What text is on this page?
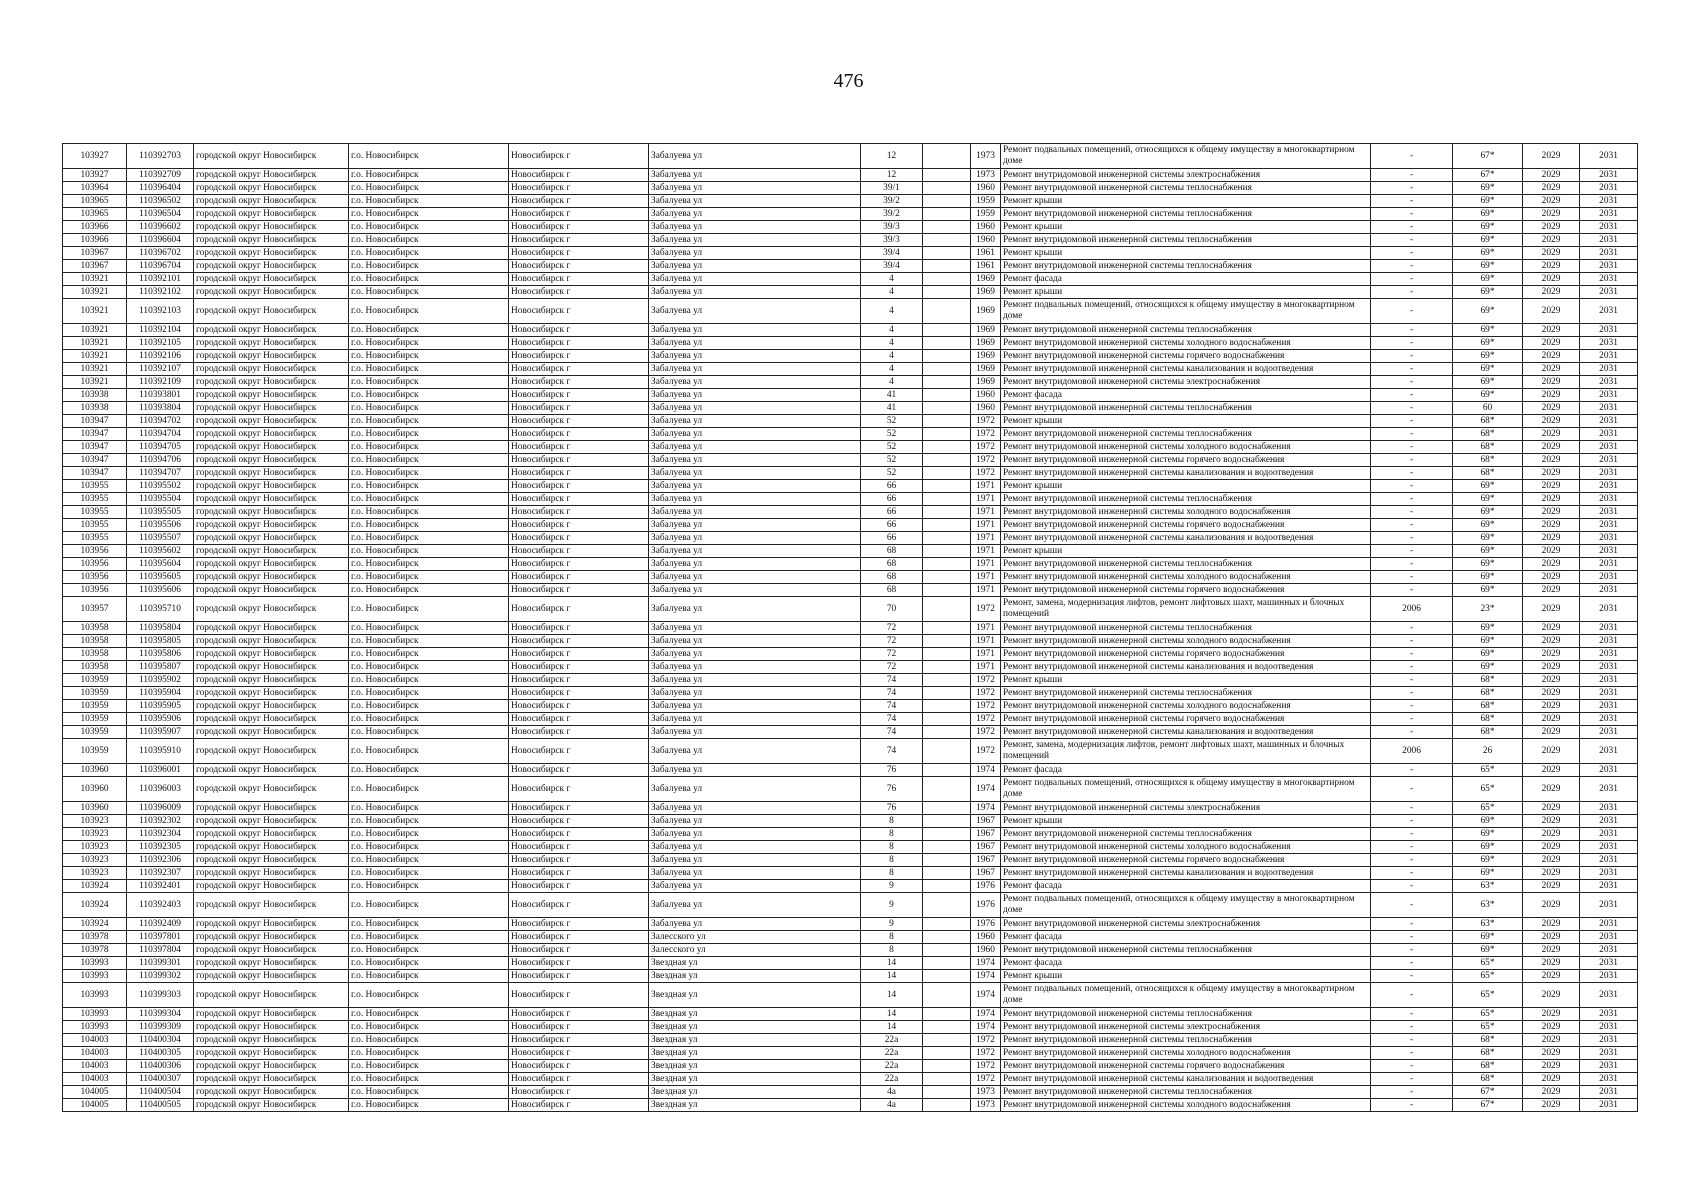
476
103927	110392703	городской округ Новосибирск	г.о. Новосибирск	Новосибирск г	Забалуева ул	12		1973	Ремонт подвальных помещений, относящихся к общему имуществу в многоквартирном доме	-	67*	2029	2031
103927	110392709	городской округ Новосибирск	г.о. Новосибирск	Новосибирск г	Забалуева ул	12		1973	Ремонт внутридомовой инженерной системы электроснабжения	-	67*	2029	2031
103964	110396404	городской округ Новосибирск	г.о. Новосибирск	Новосибирск г	Забалуева ул	39/1		1960	Ремонт внутридомовой инженерной системы теплоснабжения	-	69*	2029	2031
103965	110396502	городской округ Новосибирск	г.о. Новосибирск	Новосибирск г	Забалуева ул	39/2		1959	Ремонт крыши	-	69*	2029	2031
103965	110396504	городской округ Новосибирск	г.о. Новосибирск	Новосибирск г	Забалуева ул	39/2		1959	Ремонт внутридомовой инженерной системы теплоснабжения	-	69*	2029	2031
103966	110396602	городской округ Новосибирск	г.о. Новосибирск	Новосибирск г	Забалуева ул	39/3		1960	Ремонт крыши	-	69*	2029	2031
103966	110396604	городской округ Новосибирск	г.о. Новосибирск	Новосибирск г	Забалуева ул	39/3		1960	Ремонт внутридомовой инженерной системы теплоснабжения	-	69*	2029	2031
103967	110396702	городской округ Новосибирск	г.о. Новосибирск	Новосибирск г	Забалуева ул	39/4		1961	Ремонт крыши	-	69*	2029	2031
103967	110396704	городской округ Новосибирск	г.о. Новосибирск	Новосибирск г	Забалуева ул	39/4		1961	Ремонт внутридомовой инженерной системы теплоснабжения	-	69*	2029	2031
103921	110392101	городской округ Новосибирск	г.о. Новосибирск	Новосибирск г	Забалуева ул	4		1969	Ремонт фасада	-	69*	2029	2031
103921	110392102	городской округ Новосибирск	г.о. Новосибирск	Новосибирск г	Забалуева ул	4		1969	Ремонт крыши	-	69*	2029	2031
103921	110392103	городской округ Новосибирск	г.о. Новосибирск	Новосибирск г	Забалуева ул	4		1969	Ремонт подвальных помещений, относящихся к общему имуществу в многоквартирном доме	-	69*	2029	2031
103921	110392104	городской округ Новосибирск	г.о. Новосибирск	Новосибирск г	Забалуева ул	4		1969	Ремонт внутридомовой инженерной системы теплоснабжения	-	69*	2029	2031
103921	110392105	городской округ Новосибирск	г.о. Новосибирск	Новосибирск г	Забалуева ул	4		1969	Ремонт внутридомовой инженерной системы холодного водоснабжения	-	69*	2029	2031
103921	110392106	городской округ Новосибирск	г.о. Новосибирск	Новосибирск г	Забалуева ул	4		1969	Ремонт внутридомовой инженерной системы горячего водоснабжения	-	69*	2029	2031
103921	110392107	городской округ Новосибирск	г.о. Новосибирск	Новосибирск г	Забалуева ул	4		1969	Ремонт внутридомовой инженерной системы канализования и водоотведения	-	69*	2029	2031
103921	110392109	городской округ Новосибирск	г.о. Новосибирск	Новосибирск г	Забалуева ул	4		1969	Ремонт внутридомовой инженерной системы электроснабжения	-	69*	2029	2031
103938	110393801	городской округ Новосибирск	г.о. Новосибирск	Новосибирск г	Забалуева ул	41		1960	Ремонт фасада	-	69*	2029	2031
103938	110393804	городской округ Новосибирск	г.о. Новосибирск	Новосибирск г	Забалуева ул	41		1960	Ремонт внутридомовой инженерной системы теплоснабжения	-	60	2029	2031
103947	110394702	городской округ Новосибирск	г.о. Новосибирск	Новосибирск г	Забалуева ул	52		1972	Ремонт крыши	-	68*	2029	2031
103947	110394704	городской округ Новосибирск	г.о. Новосибирск	Новосибирск г	Забалуева ул	52		1972	Ремонт внутридомовой инженерной системы теплоснабжения	-	68*	2029	2031
103947	110394705	городской округ Новосибирск	г.о. Новосибирск	Новосибирск г	Забалуева ул	52		1972	Ремонт внутридомовой инженерной системы холодного водоснабжения	-	68*	2029	2031
103947	110394706	городской округ Новосибирск	г.о. Новосибирск	Новосибирск г	Забалуева ул	52		1972	Ремонт внутридомовой инженерной системы горячего водоснабжения	-	68*	2029	2031
103947	110394707	городской округ Новосибирск	г.о. Новосибирск	Новосибирск г	Забалуева ул	52		1972	Ремонт внутридомовой инженерной системы канализования и водоотведения	-	68*	2029	2031
103955	110395502	городской округ Новосибирск	г.о. Новосибирск	Новосибирск г	Забалуева ул	66		1971	Ремонт крыши	-	69*	2029	2031
103955	110395504	городской округ Новосибирск	г.о. Новосибирск	Новосибирск г	Забалуева ул	66		1971	Ремонт внутридомовой инженерной системы теплоснабжения	-	69*	2029	2031
103955	110395505	городской округ Новосибирск	г.о. Новосибирск	Новосибирск г	Забалуева ул	66		1971	Ремонт внутридомовой инженерной системы холодного водоснабжения	-	69*	2029	2031
103955	110395506	городской округ Новосибирск	г.о. Новосибирск	Новосибирск г	Забалуева ул	66		1971	Ремонт внутридомовой инженерной системы горячего водоснабжения	-	69*	2029	2031
103955	110395507	городской округ Новосибирск	г.о. Новосибирск	Новосибирск г	Забалуева ул	66		1971	Ремонт внутридомовой инженерной системы канализования и водоотведения	-	69*	2029	2031
103956	110395602	городской округ Новосибирск	г.о. Новосибирск	Новосибирск г	Забалуева ул	68		1971	Ремонт крыши	-	69*	2029	2031
103956	110395604	городской округ Новосибирск	г.о. Новосибирск	Новосибирск г	Забалуева ул	68		1971	Ремонт внутридомовой инженерной системы теплоснабжения	-	69*	2029	2031
103956	110395605	городской округ Новосибирск	г.о. Новосибирск	Новосибирск г	Забалуева ул	68		1971	Ремонт внутридомовой инженерной системы холодного водоснабжения	-	69*	2029	2031
103956	110395606	городской округ Новосибирск	г.о. Новосибирск	Новосибирск г	Забалуева ул	68		1971	Ремонт внутридомовой инженерной системы горячего водоснабжения	-	69*	2029	2031
103957	110395710	городской округ Новосибирск	г.о. Новосибирск	Новосибирск г	Забалуева ул	70		1972	Ремонт, замена, модернизация лифтов, ремонт лифтовых шахт, машинных и блочных помещений	2006	23*	2029	2031
103958	110395804	городской округ Новосибирск	г.о. Новосибирск	Новосибирск г	Забалуева ул	72		1971	Ремонт внутридомовой инженерной системы теплоснабжения	-	69*	2029	2031
103958	110395805	городской округ Новосибирск	г.о. Новосибирск	Новосибирск г	Забалуева ул	72		1971	Ремонт внутридомовой инженерной системы холодного водоснабжения	-	69*	2029	2031
103958	110395806	городской округ Новосибирск	г.о. Новосибирск	Новосибирск г	Забалуева ул	72		1971	Ремонт внутридомовой инженерной системы горячего водоснабжения	-	69*	2029	2031
103958	110395807	городской округ Новосибирск	г.о. Новосибирск	Новосибирск г	Забалуева ул	72		1971	Ремонт внутридомовой инженерной системы канализования и водоотведения	-	69*	2029	2031
103959	110395902	городской округ Новосибирск	г.о. Новосибирск	Новосибирск г	Забалуева ул	74		1972	Ремонт крыши	-	68*	2029	2031
103959	110395904	городской округ Новосибирск	г.о. Новосибирск	Новосибирск г	Забалуева ул	74		1972	Ремонт внутридомовой инженерной системы теплоснабжения	-	68*	2029	2031
103959	110395905	городской округ Новосибирск	г.о. Новосибирск	Новосибирск г	Забалуева ул	74		1972	Ремонт внутридомовой инженерной системы холодного водоснабжения	-	68*	2029	2031
103959	110395906	городской округ Новосибирск	г.о. Новосибирск	Новосибирск г	Забалуева ул	74		1972	Ремонт внутридомовой инженерной системы горячего водоснабжения	-	68*	2029	2031
103959	110395907	городской округ Новосибирск	г.о. Новосибирск	Новосибирск г	Забалуева ул	74		1972	Ремонт внутридомовой инженерной системы канализования и водоотведения	-	68*	2029	2031
103959	110395910	городской округ Новосибирск	г.о. Новосибирск	Новосибирск г	Забалуева ул	74		1972	Ремонт, замена, модернизация лифтов, ремонт лифтовых шахт, машинных и блочных помещений	2006	26	2029	2031
103960	110396001	городской округ Новосибирск	г.о. Новосибирск	Новосибирск г	Забалуева ул	76		1974	Ремонт фасада	-	65*	2029	2031
103960	110396003	городской округ Новосибирск	г.о. Новосибирск	Новосибирск г	Забалуева ул	76		1974	Ремонт подвальных помещений, относящихся к общему имуществу в многоквартирном доме	-	65*	2029	2031
103960	110396009	городской округ Новосибирск	г.о. Новосибирск	Новосибирск г	Забалуева ул	76		1974	Ремонт внутридомовой инженерной системы электроснабжения	-	65*	2029	2031
103923	110392302	городской округ Новосибирск	г.о. Новосибирск	Новосибирск г	Забалуева ул	8		1967	Ремонт крыши	-	69*	2029	2031
103923	110392304	городской округ Новосибирск	г.о. Новосибирск	Новосибирск г	Забалуева ул	8		1967	Ремонт внутридомовой инженерной системы теплоснабжения	-	69*	2029	2031
103923	110392305	городской округ Новосибирск	г.о. Новосибирск	Новосибирск г	Забалуева ул	8		1967	Ремонт внутридомовой инженерной системы холодного водоснабжения	-	69*	2029	2031
103923	110392306	городской округ Новосибирск	г.о. Новосибирск	Новосибирск г	Забалуева ул	8		1967	Ремонт внутридомовой инженерной системы горячего водоснабжения	-	69*	2029	2031
103923	110392307	городской округ Новосибирск	г.о. Новосибирск	Новосибирск г	Забалуева ул	8		1967	Ремонт внутридомовой инженерной системы канализования и водоотведения	-	69*	2029	2031
103924	110392401	городской округ Новосибирск	г.о. Новосибирск	Новосибирск г	Забалуева ул	9		1976	Ремонт фасада	-	63*	2029	2031
103924	110392403	городской округ Новосибирск	г.о. Новосибирск	Новосибирск г	Забалуева ул	9		1976	Ремонт подвальных помещений, относящихся к общему имуществу в многоквартирном доме	-	63*	2029	2031
103924	110392409	городской округ Новосибирск	г.о. Новосибирск	Новосибирск г	Забалуева ул	9		1976	Ремонт внутридомовой инженерной системы электроснабжения	-	63*	2029	2031
103978	110397801	городской округ Новосибирск	г.о. Новосибирск	Новосибирск г	Залесского ул	8		1960	Ремонт фасада	-	69*	2029	2031
103978	110397804	городской округ Новосибирск	г.о. Новосибирск	Новосибирск г	Залесского ул	8		1960	Ремонт внутридомовой инженерной системы теплоснабжения	-	69*	2029	2031
103993	110399301	городской округ Новосибирск	г.о. Новосибирск	Новосибирск г	Звездная ул	14		1974	Ремонт фасада	-	65*	2029	2031
103993	110399302	городской округ Новосибирск	г.о. Новосибирск	Новосибирск г	Звездная ул	14		1974	Ремонт крыши	-	65*	2029	2031
103993	110399303	городской округ Новосибирск	г.о. Новосибирск	Новосибирск г	Звездная ул	14		1974	Ремонт подвальных помещений, относящихся к общему имуществу в многоквартирном доме	-	65*	2029	2031
103993	110399304	городской округ Новосибирск	г.о. Новосибирск	Новосибирск г	Звездная ул	14		1974	Ремонт внутридомовой инженерной системы теплоснабжения	-	65*	2029	2031
103993	110399309	городской округ Новосибирск	г.о. Новосибирск	Новосибирск г	Звездная ул	14		1974	Ремонт внутридомовой инженерной системы электроснабжения	-	65*	2029	2031
104003	110400304	городской округ Новосибирск	г.о. Новосибирск	Новосибирск г	Звездная ул	22а		1972	Ремонт внутридомовой инженерной системы теплоснабжения	-	68*	2029	2031
104003	110400305	городской округ Новосибирск	г.о. Новосибирск	Новосибирск г	Звездная ул	22а		1972	Ремонт внутридомовой инженерной системы холодного водоснабжения	-	68*	2029	2031
104003	110400306	городской округ Новосибирск	г.о. Новосибирск	Новосибирск г	Звездная ул	22а		1972	Ремонт внутридомовой инженерной системы горячего водоснабжения	-	68*	2029	2031
104003	110400307	городской округ Новосибирск	г.о. Новосибирск	Новосибирск г	Звездная ул	22а		1972	Ремонт внутридомовой инженерной системы канализования и водоотведения	-	68*	2029	2031
104005	110400504	городской округ Новосибирск	г.о. Новосибирск	Новосибирск г	Звездная ул	4а		1973	Ремонт внутридомовой инженерной системы теплоснабжения	-	67*	2029	2031
104005	110400505	городской округ Новосибирск	г.о. Новосибирск	Новосибирск г	Звездная ул	4а		1973	Ремонт внутридомовой инженерной системы холодного водоснабжения	-	67*	2029	2031
